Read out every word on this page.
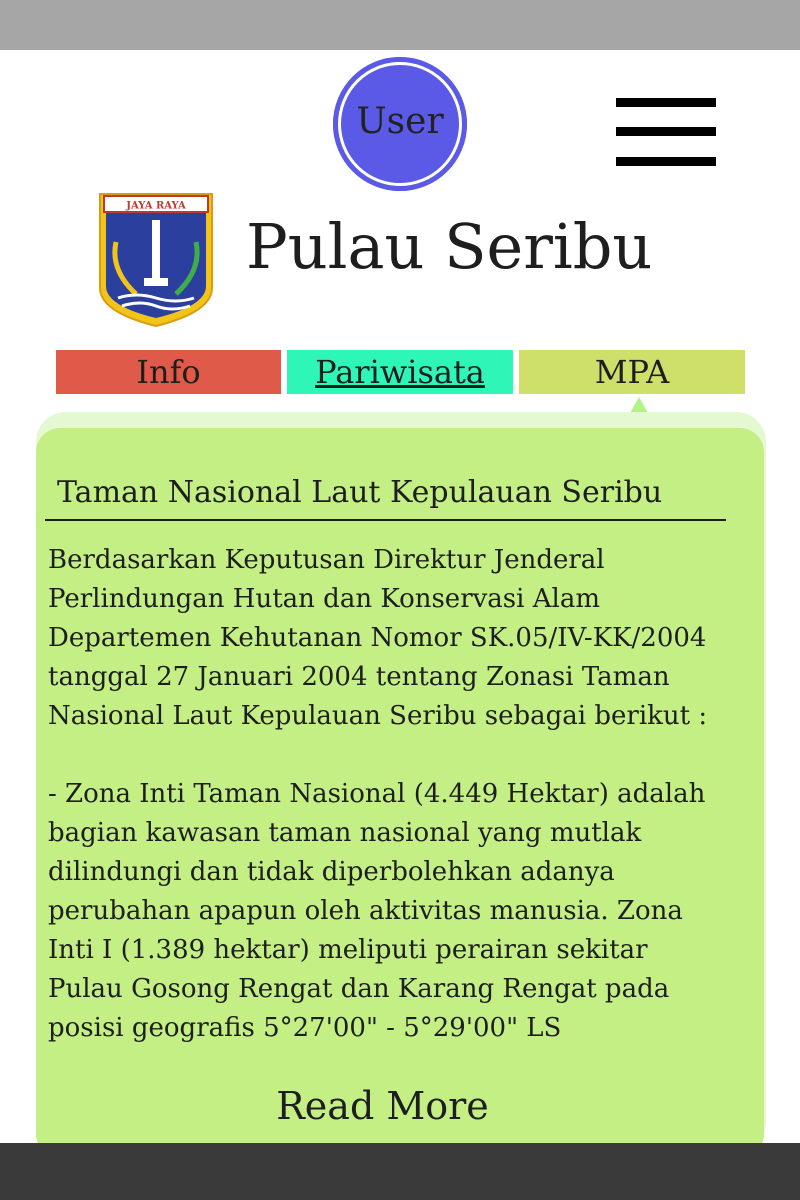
User
JAYA RAYA
Pulau Seribu
Info	Pariwisata	MPA
Taman Nasional Laut Kepulauan Seribu

Berdasarkan Keputusan Direktur Jenderal

Perlindungan Hutan dan Konservasi Alam

Departemen Kehutanan Nomor SK.05/IV-KK/2004

tanggal 27 Januari 2004 tentang Zonasi Taman

Nasional Laut Kepulauan Seribu sebagai berikut :

- Zona Inti Taman Nasional (4.449 Hektar) adalah

bagian kawasan taman nasional yang mutlak

dilindungi dan tidak diperbolehkan adanya

perubahan apapun oleh aktivitas manusia. Zona

Inti I (1.389 hektar) meliputi perairan sekitar

Pulau Gosong Rengat dan Karang Rengat pada

posisi geografis 5°27'00" - 5°29'00" LS

Read More
